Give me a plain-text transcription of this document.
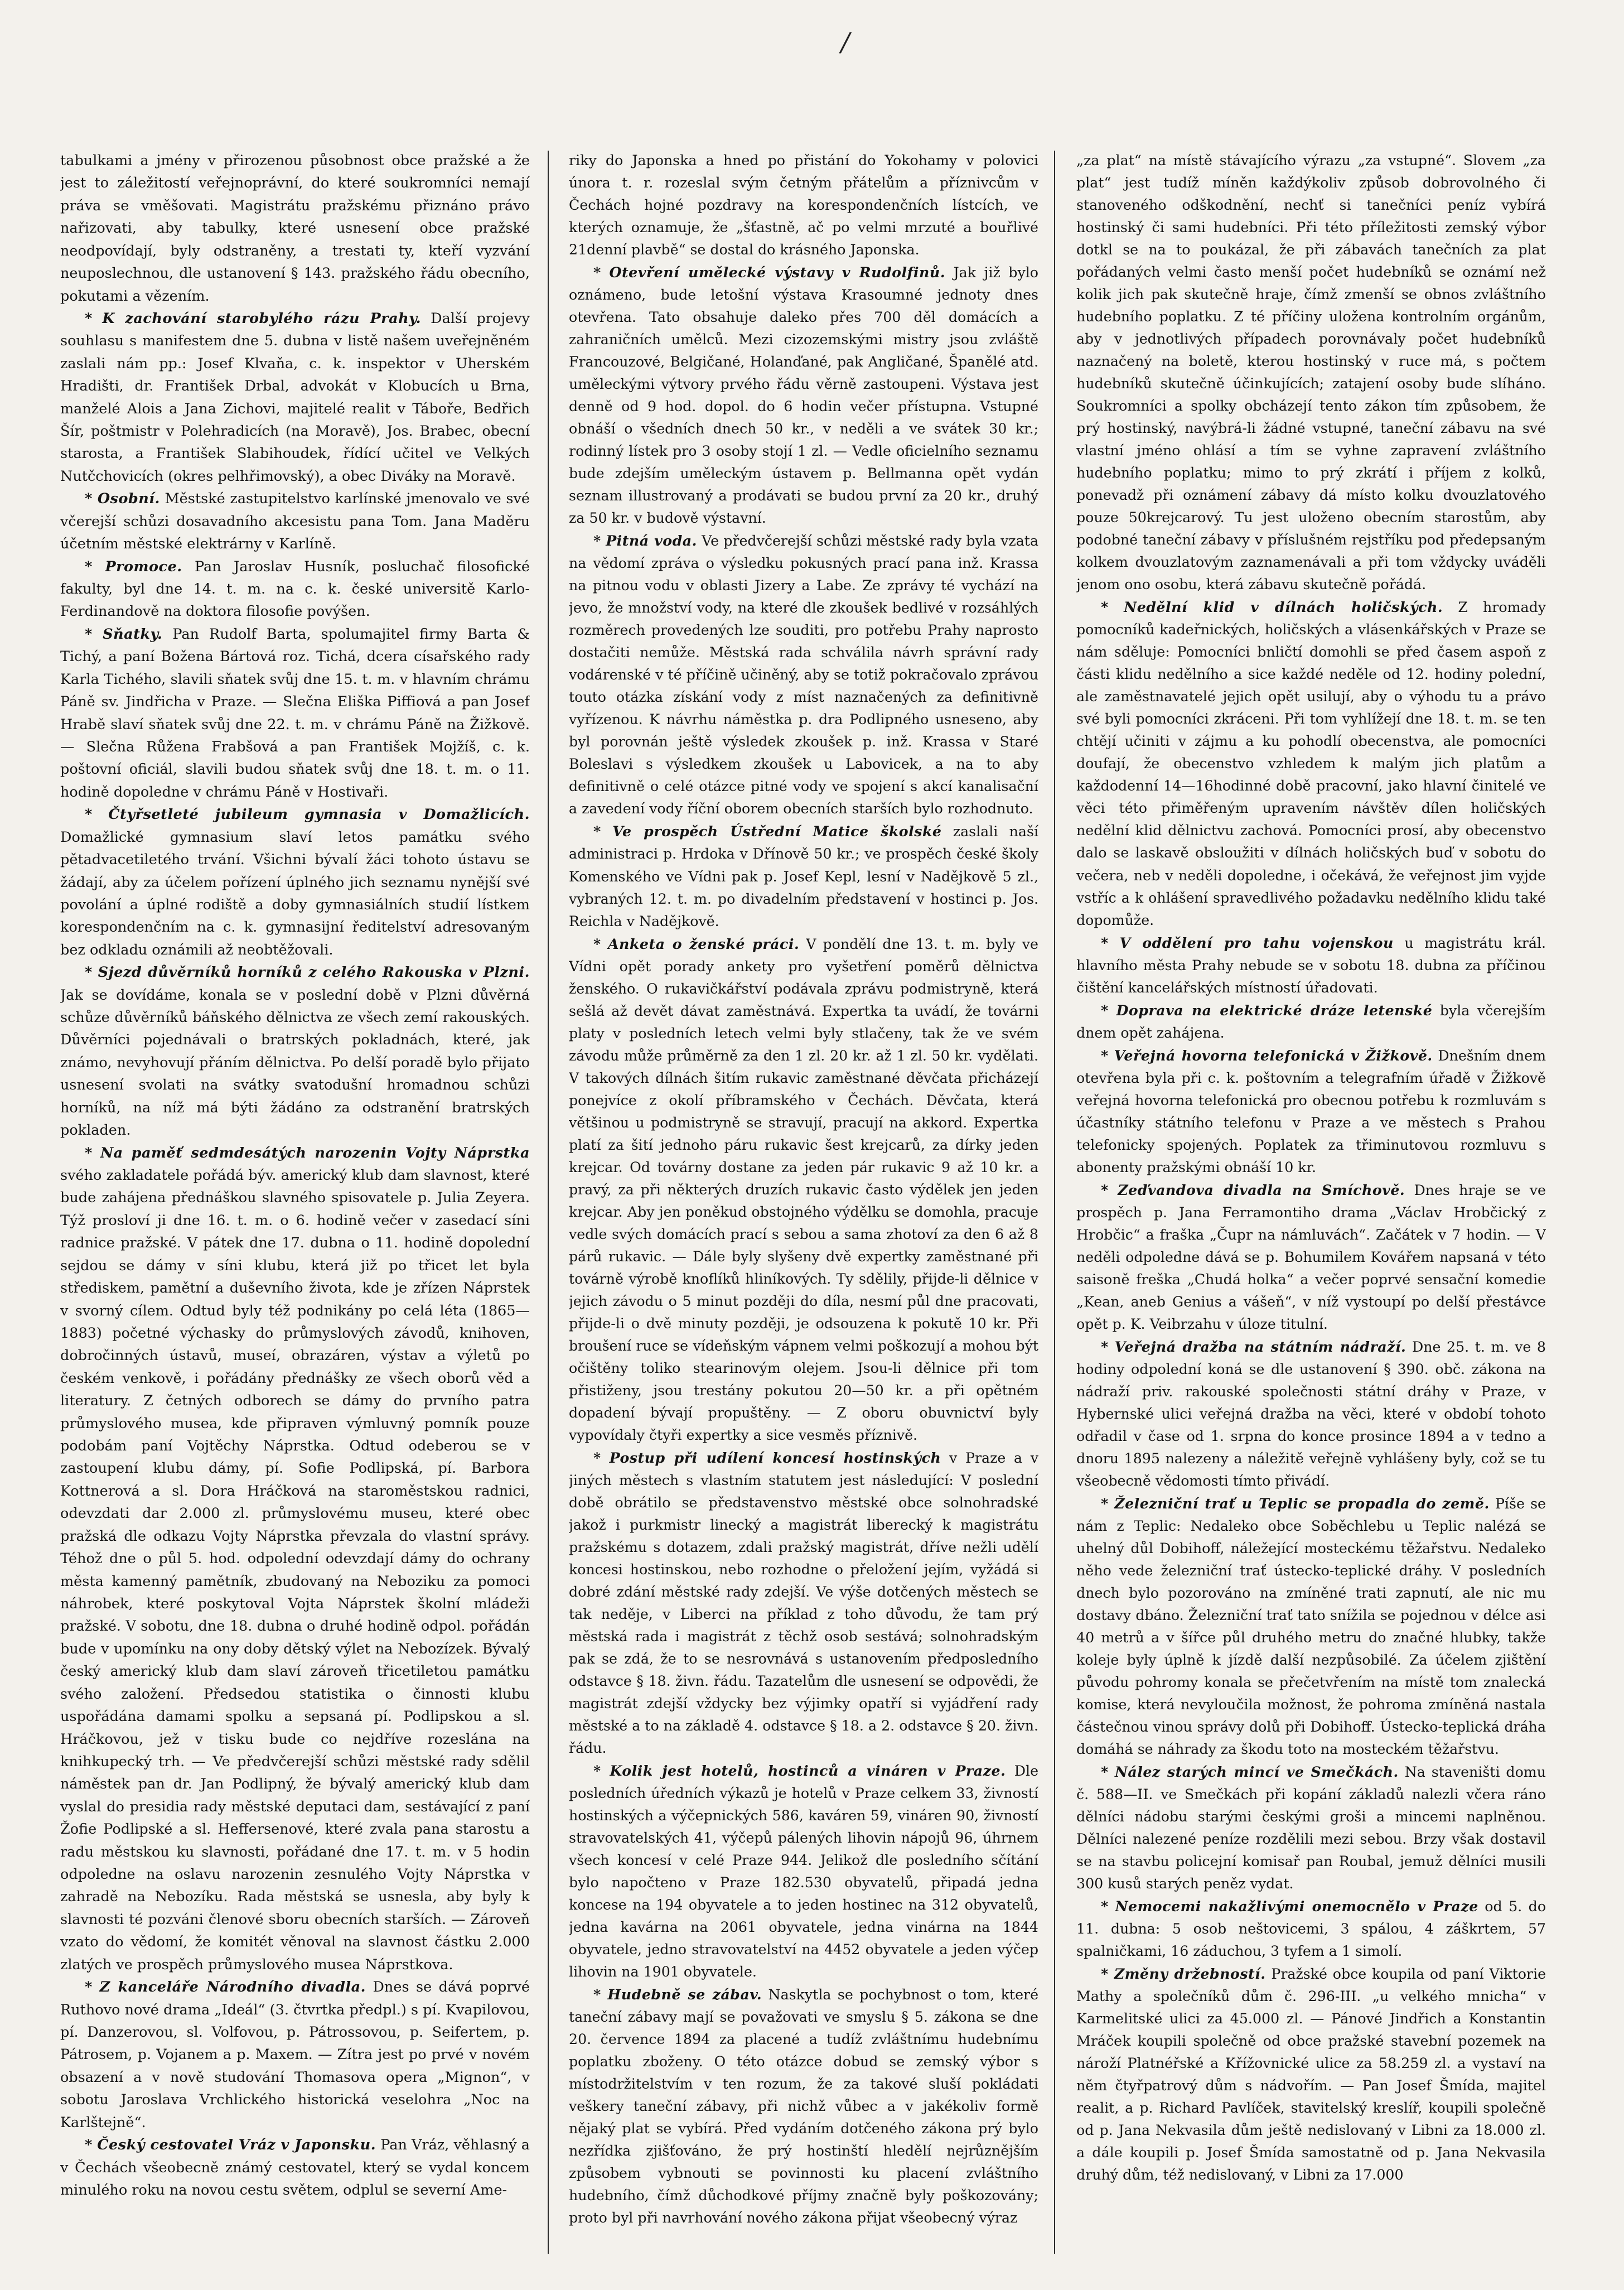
/

tabulkami a jmény v přirozenou působnost obce pražské a že jest to záležitostí veřejnoprávní, do které soukromníci nemají práva se vměšovati. Magistrátu pražskému přiznáno právo nařizovati, aby tabulky, které usnesení obce pražské neodpovídají, byly odstraněny, a trestati ty, kteří vyzvání neuposlechnou, dle ustanovení § 143. pražského řádu obecního, pokutami a vězením.

* K zachování starobylého rázu Prahy. Další projevy souhlasu s manifestem dne 5. dubna v listě našem uveřejněném zaslali nám pp.: Josef Klvaňa, c. k. inspektor v Uherském Hradišti, dr. František Drbal, advokát v Klobucích u Brna, manželé Alois a Jana Zichovi, majitelé realit v Táboře, Bedřich Šír, poštmistr v Polehradicích (na Moravě), Jos. Brabec, obecní starosta, a František Slabihoudek, řídící učitel ve Velkých Nutčchovicích (okres pelhřimovský), a obec Diváky na Moravě.

* Osobní. Městské zastupitelstvo karlínské jmenovalo ve své včerejší schůzi dosavadního akcesistu pana Tom. Jana Maděru účetním městské elektrárny v Karlíně.

* Promoce. Pan Jaroslav Husník, posluchač filosofické fakulty, byl dne 14. t. m. na c. k. české universitě Karlo-Ferdinandově na doktora filosofie povýšen.

* Sňatky. Pan Rudolf Barta, spolumajitel firmy Barta & Tichý, a paní Božena Bártová roz. Tichá, dcera císařského rady Karla Tichého, slavili sňatek svůj dne 15. t. m. v hlavním chrámu Páně sv. Jindřicha v Praze. — Slečna Eliška Piffiová a pan Josef Hrabě slaví sňatek svůj dne 22. t. m. v chrámu Páně na Žižkově. — Slečna Růžena Frabšová a pan František Mojžíš, c. k. poštovní oficiál, slavili budou sňatek svůj dne 18. t. m. o 11. hodině dopoledne v chrámu Páně v Hostivaři.

* Čtyřsetleté jubileum gymnasia v Domažlicích. Domažlické gymnasium slaví letos památku svého pětadvacetiletého trvání. Všichni bývalí žáci tohoto ústavu se žádají, aby za účelem pořízení úplného jich seznamu nynější své povolání a úplné rodiště a doby gymnasiálních studií lístkem korespondenčním na c. k. gymnasijní ředitelství adresovaným bez odkladu oznámili až neobtěžovali.

* Sjezd důvěrníků horníků z celého Rakouska v Plzni. Jak se dovídáme, konala se v poslední době v Plzni důvěrná schůze důvěrníků báňského dělnictva ze všech zemí rakouských. Důvěrníci pojednávali o bratrských pokladnách, které, jak známo, nevyhovují přáním dělnictva. Po delší poradě bylo přijato usnesení svolati na svátky svatodušní hromadnou schůzi horníků, na níž má býti žádáno za odstranění bratrských pokladen.

* Na paměť sedmdesátých narozenin Vojty Náprstka svého zakladatele pořádá býv. americký klub dam slavnost, které bude zahájena přednáškou slavného spisovatele p. Julia Zeyera. Týž prosloví ji dne 16. t. m. o 6. hodině večer v zasedací síni radnice pražské. V pátek dne 17. dubna o 11. hodině dopolední sejdou se dámy v síni klubu, která již po třicet let byla střediskem, pamětní a duševního života, kde je zřízen Náprstek v svorný cílem. Odtud byly též podnikány po celá léta (1865—1883) početné výchasky do průmyslových závodů, knihoven, dobročinných ústavů, museí, obrazáren, výstav a výletů po českém venkově, i pořádány přednášky ze všech oborů věd a literatury. Z četných odborech se dámy do prvního patra průmyslového musea, kde připraven výmluvný pomník pouze podobám paní Vojtěchy Náprstka. Odtud odeberou se v zastoupení klubu dámy, pí. Sofie Podlipská, pí. Barbora Kottnerová a sl. Dora Hráčková na staroměstskou radnici, odevzdati dar 2.000 zl. průmyslovému museu, které obec pražská dle odkazu Vojty Náprstka převzala do vlastní správy. Téhož dne o půl 5. hod. odpolední odevzdají dámy do ochrany města kamenný pamětník, zbudovaný na Neboziku za pomoci náhrobek, které poskytoval Vojta Náprstek školní mládeži pražské. V sobotu, dne 18. dubna o druhé hodině odpol. pořádán bude v upomínku na ony doby dětský výlet na Nebozízek. Bývalý český americký klub dam slaví zároveň třicetiletou památku svého založení. Předsedou statistika o činnosti klubu uspořádána damami spolku a sepsaná pí. Podlipskou a sl. Hráčkovou, jež v tisku bude co nejdříve rozeslána na knihkupecký trh. — Ve předvčerejší schůzi městské rady sdělil náměstek pan dr. Jan Podlipný, že bývalý americký klub dam vyslal do presidia rady městské deputaci dam, sestávající z paní Žofie Podlipské a sl. Heffersenové, které zvala pana starostu a radu městskou ku slavnosti, pořádané dne 17. t. m. v 5 hodin odpoledne na oslavu narozenin zesnulého Vojty Náprstka v zahradě na Nebozíku. Rada městská se usnesla, aby byly k slavnosti té pozváni členové sboru obecních starších. — Zároveň vzato do vědomí, že komitét věnoval na slavnost částku 2.000 zlatých ve prospěch průmyslového musea Náprstkova.

* Z kanceláře Národního divadla. Dnes se dává poprvé Ruthovo nové drama „Ideál“ (3. čtvrtka předpl.) s pí. Kvapilovou, pí. Danzerovou, sl. Volfovou, p. Pátrossovou, p. Seifertem, p. Pátrosem, p. Vojanem a p. Maxem. — Zítra jest po prvé v novém obsazení a v nově studování Thomasova opera „Mignon“, v sobotu Jaroslava Vrchlického historická veselohra „Noc na Karlštejně“.

* Český cestovatel Vráz v Japonsku. Pan Vráz, věhlasný a v Čechách všeobecně známý cestovatel, který se vydal koncem minulého roku na novou cestu světem, odplul se severní Ame-

riky do Japonska a hned po přistání do Yokohamy v polovici února t. r. rozeslal svým četným přátelům a příznivcům v Čechách hojné pozdravy na korespondenčních lístcích, ve kterých oznamuje, že „šťastně, ač po velmi mrzuté a bouřlivé 21denní plavbě“ se dostal do krásného Japonska.

* Otevření umělecké výstavy v Rudolfinů. Jak již bylo oznámeno, bude letošní výstava Krasoumné jednoty dnes otevřena. Tato obsahuje daleko přes 700 děl domácích a zahraničních umělců. Mezi cizozemskými mistry jsou zvláště Francouzové, Belgičané, Holanďané, pak Angličané, Španělé atd. uměleckými výtvory prvého řádu věrně zastoupeni. Výstava jest denně od 9 hod. dopol. do 6 hodin večer přístupna. Vstupné obnáší o všedních dnech 50 kr., v neděli a ve svátek 30 kr.; rodinný lístek pro 3 osoby stojí 1 zl. — Vedle oficielního seznamu bude zdejším uměleckým ústavem p. Bellmanna opět vydán seznam illustrovaný a prodávati se budou první za 20 kr., druhý za 50 kr. v budově výstavní.

* Pitná voda. Ve předvčerejší schůzi městské rady byla vzata na vědomí zpráva o výsledku pokusných prací pana inž. Krassa na pitnou vodu v oblasti Jizery a Labe. Ze zprávy té vychází na jevo, že množství vody, na které dle zkoušek bedlivé v rozsáhlých rozměrech provedených lze souditi, pro potřebu Prahy naprosto dostačiti nemůže. Městská rada schválila návrh správní rady vodárenské v té příčině učiněný, aby se totiž pokračovalo zprávou touto otázka získání vody z míst naznačených za definitivně vyřízenou. K návrhu náměstka p. dra Podlipného usneseno, aby byl porovnán ještě výsledek zkoušek p. inž. Krassa v Staré Boleslavi s výsledkem zkoušek u Labovicek, a na to aby definitivně o celé otázce pitné vody ve spojení s akcí kanalisační a zavedení vody říční oborem obecních starších bylo rozhodnuto.

* Ve prospěch Ústřední Matice školské zaslali naší administraci p. Hrdoka v Dřínově 50 kr.; ve prospěch české školy Komenského ve Vídni pak p. Josef Kepl, lesní v Nadějkově 5 zl., vybraných 12. t. m. po divadelním představení v hostinci p. Jos. Reichla v Nadějkově.

* Anketa o ženské práci. V pondělí dne 13. t. m. byly ve Vídni opět porady ankety pro vyšetření poměrů dělnictva ženského. O rukavičkářství podávala zprávu podmistryně, která sešlá až devět dávat zaměstnává. Expertka ta uvádí, že továrni platy v posledních letech velmi byly stlačeny, tak že ve svém závodu může průměrně za den 1 zl. 20 kr. až 1 zl. 50 kr. vydělati. V takových dílnách šitím rukavic zaměstnané děvčata přicházejí ponejvíce z okolí příbramského v Čechách. Děvčata, která většinou u podmistryně se stravují, pracují na akkord. Expertka platí za šití jednoho páru rukavic šest krejcarů, za dírky jeden krejcar. Od továrny dostane za jeden pár rukavic 9 až 10 kr. a pravý, za při některých druzích rukavic často výdělek jen jeden krejcar. Aby jen poněkud obstojného výdělku se domohla, pracuje vedle svých domácích prací s sebou a sama zhotoví za den 6 až 8 párů rukavic. — Dále byly slyšeny dvě expertky zaměstnané při továrně výrobě knoflíků hliníkových. Ty sdělily, přijde-li dělnice v jejich závodu o 5 minut později do díla, nesmí půl dne pracovati, přijde-li o dvě minuty později, je odsouzena k pokutě 10 kr. Při broušení ruce se vídeňským vápnem velmi poškozují a mohou být očištěny toliko stearinovým olejem. Jsou-li dělnice při tom přistiženy, jsou trestány pokutou 20—50 kr. a při opětném dopadení bývají propuštěny. — Z oboru obuvnictví byly vypovídaly čtyři expertky a sice vesměs příznivě.

* Postup při udílení koncesí hostinských v Praze a v jiných městech s vlastním statutem jest následující: V poslední době obrátilo se představenstvo městské obce solnohradské jakož i purkmistr linecký a magistrát liberecký k magistrátu pražskému s dotazem, zdali pražský magistrát, dříve nežli udělí koncesi hostinskou, nebo rozhodne o přeložení jejím, vyžádá si dobré zdání městské rady zdejší. Ve výše dotčených městech se tak neděje, v Liberci na příklad z toho důvodu, že tam prý městská rada i magistrát z těchž osob sestává; solnohradským pak se zdá, že to se nesrovnává s ustanovením předposledního odstavce § 18. živn. řádu. Tazatelům dle usnesení se odpovědi, že magistrát zdejší vždycky bez výjimky opatří si vyjádření rady městské a to na základě 4. odstavce § 18. a 2. odstavce § 20. živn. řádu.

* Kolik jest hotelů, hostinců a vináren v Praze. Dle posledních úředních výkazů je hotelů v Praze celkem 33, živností hostinských a výčepnických 586, kaváren 59, vináren 90, živností stravovatelských 41, výčepů pálených lihovin nápojů 96, úhrnem všech koncesí v celé Praze 944. Jelikož dle posledního sčítání bylo napočteno v Praze 182.530 obyvatelů, připadá jedna koncese na 194 obyvatele a to jeden hostinec na 312 obyvatelů, jedna kavárna na 2061 obyvatele, jedna vinárna na 1844 obyvatele, jedno stravovatelství na 4452 obyvatele a jeden výčep lihovin na 1901 obyvatele.

* Hudebně se zábav. Naskytla se pochybnost o tom, které taneční zábavy mají se považovati ve smyslu § 5. zákona se dne 20. července 1894 za placené a tudíž zvláštnímu hudebnímu poplatku zboženy. O této otázce dobud se zemský výbor s místodržitelstvím v ten rozum, že za takové sluší pokládati veškery taneční zábavy, při nichž vůbec a v jakékoliv formě nějaký plat se vybírá. Před vydáním dotčeného zákona prý bylo nezřídka zjišťováno, že prý hostinští hledělí nejrůznějším způsobem vybnouti se povinnosti ku placení zvláštního hudebního, čímž důchodkové příjmy značně byly poškozovány; proto byl při navrhování nového zákona přijat všeobecný výraz

„za plat“ na místě stávajícího výrazu „za vstupné“. Slovem „za plat“ jest tudíž míněn každýkoliv způsob dobrovolného či stanoveného odškodnění, nechť si tanečníci peníz vybírá hostinský či sami hudebníci. Při této příležitosti zemský výbor dotkl se na to poukázal, že při zábavách tanečních za plat pořádaných velmi často menší počet hudebníků se oznámí než kolik jich pak skutečně hraje, čímž zmenší se obnos zvláštního hudebního poplatku. Z té příčiny uložena kontrolním orgánům, aby v jednotlivých případech porovnávaly počet hudebníků naznačený na boletě, kterou hostinský v ruce má, s počtem hudebníků skutečně účinkujících; zatajení osoby bude slíháno. Soukromníci a spolky obcházejí tento zákon tím způsobem, že prý hostinský, navýbrá-li žádné vstupné, taneční zábavu na své vlastní jméno ohlásí a tím se vyhne zapravení zvláštního hudebního poplatku; mimo to prý zkrátí i příjem z kolků, ponevadž při oznámení zábavy dá místo kolku dvouzlatového pouze 50krejcarový. Tu jest uloženo obecním starostům, aby podobné taneční zábavy v příslušném rejstříku pod předepsaným kolkem dvouzlatovým zaznamenávali a při tom vždycky uváděli jenom ono osobu, která zábavu skutečně pořádá.

* Nedělní klid v dílnách holičských. Z hromady pomocníků kadeřnických, holičských a vlásenkářských v Praze se nám sděluje: Pomocníci bnličtí domohli se před časem aspoň z části klidu nedělního a sice každé neděle od 12. hodiny polední, ale zaměstnavatelé jejich opět usilují, aby o výhodu tu a právo své byli pomocníci zkráceni. Při tom vyhlížejí dne 18. t. m. se ten chtějí učiniti v zájmu a ku pohodlí obecenstva, ale pomocníci doufají, že obecenstvo vzhledem k malým jich platům a každodenní 14—16hodinné době pracovní, jako hlavní činitelé ve věci této přiměřeným upravením návštěv dílen holičských nedělní klid dělnictvu zachová. Pomocníci prosí, aby obecenstvo dalo se laskavě obsloužiti v dílnách holičských buď v sobotu do večera, neb v neděli dopoledne, i očekává, že veřejnost jim vyjde vstříc a k ohlášení spravedlivého požadavku nedělního klidu také dopomůže.

* V oddělení pro tahu vojenskou u magistrátu král. hlavního města Prahy nebude se v sobotu 18. dubna za příčinou čištění kancelářských místností úřadovati.

* Doprava na elektrické dráze letenské byla včerejším dnem opět zahájena.

* Veřejná hovorna telefonická v Žižkově. Dnešním dnem otevřena byla při c. k. poštovním a telegrafním úřadě v Žižkově veřejná hovorna telefonická pro obecnou potřebu k rozmluvám s účastníky státního telefonu v Praze a ve městech s Prahou telefonicky spojených. Poplatek za třiminutovou rozmluvu s abonenty pražskými obnáší 10 kr.

* Zeďvandova divadla na Smíchově. Dnes hraje se ve prospěch p. Jana Ferramontiho drama „Václav Hrobčický z Hrobčic“ a fraška „Čupr na námluvách“. Začátek v 7 hodin. — V neděli odpoledne dává se p. Bohumilem Kovářem napsaná v této saisoně freška „Chudá holka“ a večer poprvé sensační komedie „Kean, aneb Genius a vášeň“, v níž vystoupí po delší přestávce opět p. K. Veibrzahu v úloze titulní.

* Veřejná dražba na státním nádraží. Dne 25. t. m. ve 8 hodiny odpolední koná se dle ustanovení § 390. obč. zákona na nádraží priv. rakouské společnosti státní dráhy v Praze, v Hybernské ulici veřejná dražba na věci, které v období tohoto odřadil v čase od 1. srpna do konce prosince 1894 a v tedno a dnoru 1895 nalezeny a náležitě veřejně vyhlášeny byly, což se tu všeobecně vědomosti tímto přivádí.

* Železniční trať u Teplic se propadla do země. Píše se nám z Teplic: Nedaleko obce Soběchlebu u Teplic nalézá se uhelný důl Dobihoff, náležející mosteckému těžařstvu. Nedaleko něho vede železniční trať ústecko-teplické dráhy. V posledních dnech bylo pozorováno na zmíněné trati zapnutí, ale nic mu dostavy dbáno. Železniční trať tato snížila se pojednou v délce asi 40 metrů a v šířce půl druhého metru do značné hlubky, takže koleje byly úplně k jízdě další nezpůsobilé. Za účelem zjištění původu pohromy konala se přečetvřením na místě tom znalecká komise, která nevyloučila možnost, že pohroma zmíněná nastala částečnou vinou správy dolů při Dobihoff. Ústecko-teplická dráha domáhá se náhrady za škodu toto na mosteckém těžařstvu.

* Nález starých mincí ve Smečkách. Na staveništi domu č. 588—II. ve Smečkách při kopání základů nalezli včera ráno dělníci nádobu starými českými groši a mincemi naplněnou. Dělníci nalezené peníze rozdělili mezi sebou. Brzy však dostavil se na stavbu policejní komisař pan Roubal, jemuž dělníci musili 300 kusů starých peněz vydat.

* Nemocemi nakažlivými onemocnělo v Praze od 5. do 11. dubna: 5 osob neštovicemi, 3 spálou, 4 záškrtem, 57 spalničkami, 16 záduchou, 3 tyfem a 1 simolí.

* Změny držebností. Pražské obce koupila od paní Viktorie Mathy a společníků dům č. 296-III. „u velkého mnicha“ v Karmelitské ulici za 45.000 zl. — Pánové Jindřich a Konstantin Mráček koupili společně od obce pražské stavební pozemek na nároží Platnéřské a Křížovnické ulice za 58.259 zl. a vystaví na něm čtyřpatrový dům s nádvořím. — Pan Josef Šmída, majitel realit, a p. Richard Pavlíček, stavitelský kreslíř, koupili společně od p. Jana Nekvasila dům ještě nedislovaný v Libni za 18.000 zl. a dále koupili p. Josef Šmída samostatně od p. Jana Nekvasila druhý dům, též nedislovaný, v Libni za 17.000
